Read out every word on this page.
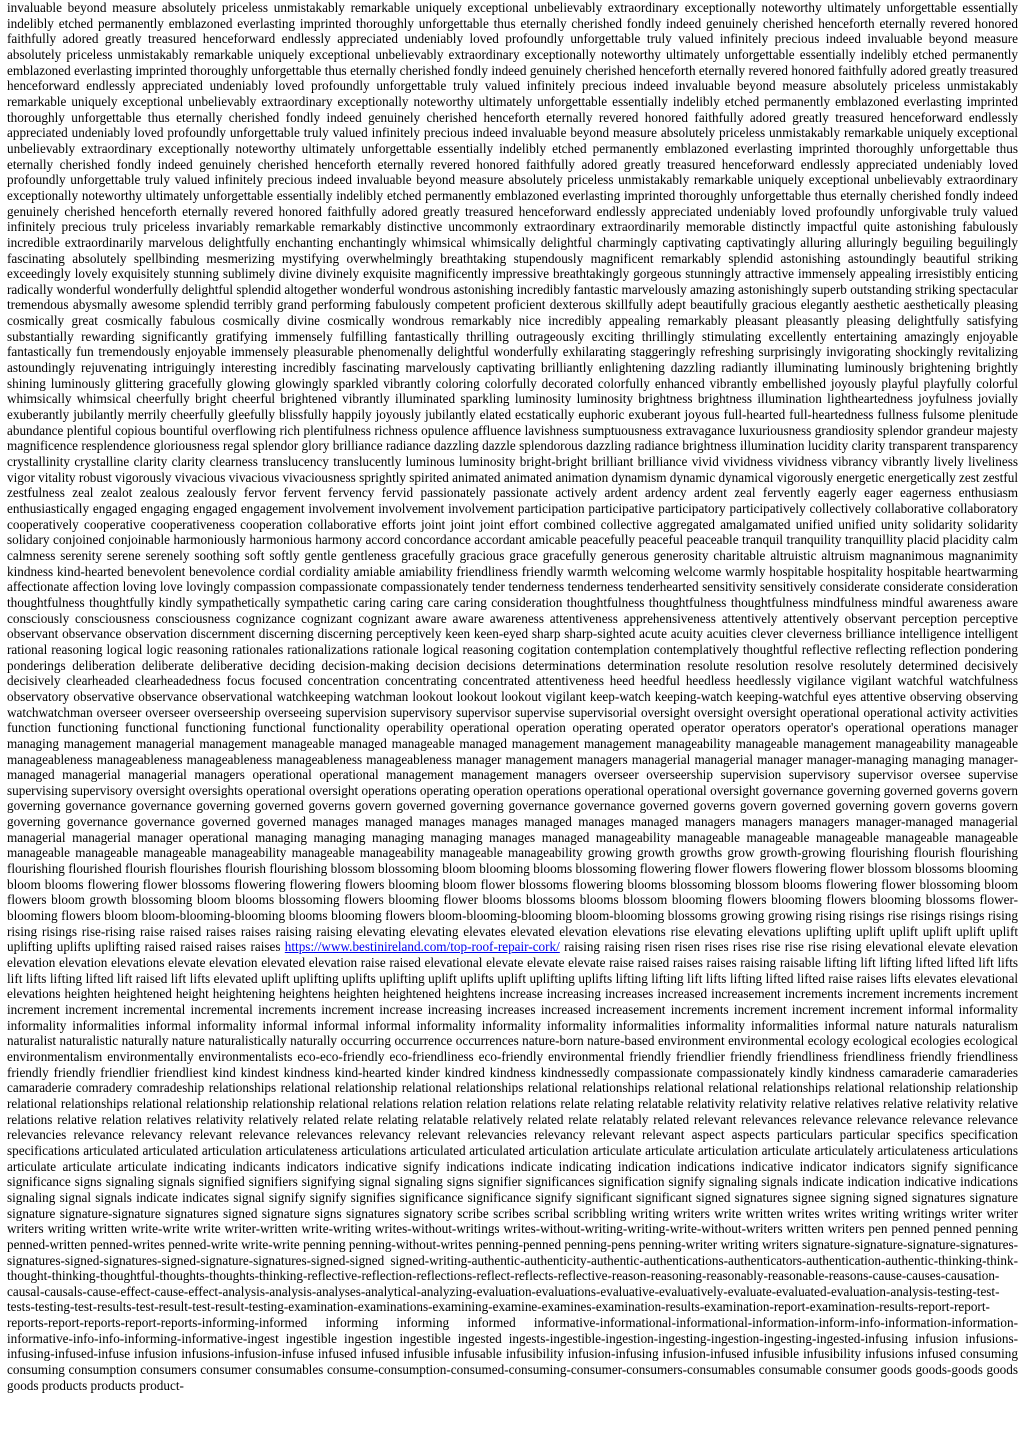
invaluable beyond measure absolutely priceless unmistakably remarkable uniquely exceptional unbelievably extraordinary exceptionally noteworthy ultimately unforgettable essentially indelibly etched permanently emblazoned everlasting imprinted thoroughly unforgettable thus eternally cherished fondly indeed genuinely cherished henceforth eternally revered honored faithfully adored greatly treasured henceforward endlessly appreciated undeniably loved profoundly unforgettable truly valued infinitely precious indeed invaluable beyond measure absolutely priceless unmistakably remarkable uniquely exceptional unbelievably extraordinary exceptionally noteworthy ultimately unforgettable essentially indelibly etched permanently emblazoned everlasting imprinted thoroughly unforgettable thus eternally cherished fondly indeed genuinely cherished henceforth eternally revered honored faithfully adored greatly treasured henceforward endlessly appreciated undeniably loved profoundly unforgettable truly valued infinitely precious indeed invaluable beyond measure absolutely priceless unmistakably remarkable uniquely exceptional unbelievably extraordinary exceptionally noteworthy ultimately unforgettable essentially indelibly etched permanently emblazoned everlasting imprinted thoroughly unforgettable thus eternally cherished fondly indeed genuinely cherished henceforth eternally revered honored faithfully adored greatly treasured henceforward endlessly appreciated undeniably loved profoundly unforgettable truly valued infinitely precious indeed invaluable beyond measure absolutely priceless unmistakably remarkable uniquely exceptional unbelievably extraordinary exceptionally noteworthy ultimately unforgettable essentially indelibly etched permanently emblazoned everlasting imprinted thoroughly unforgettable thus eternally cherished fondly indeed genuinely cherished henceforth eternally revered honored faithfully adored greatly treasured henceforward endlessly appreciated undeniably loved profoundly unforgettable truly valued infinitely precious indeed invaluable beyond measure absolutely priceless unmistakably remarkable uniquely exceptional unbelievably extraordinary exceptionally noteworthy ultimately unforgettable essentially indelibly etched permanently emblazoned everlasting imprinted thoroughly unforgettable thus eternally cherished fondly indeed genuinely cherished henceforth eternally revered honored faithfully adored greatly treasured henceforward endlessly appreciated undeniably loved profoundly unforgivable truly valued infinitely precious truly priceless invariably remarkable remarkably distinctive uncommonly extraordinary extraordinarily memorable distinctly impactful quite astonishing fabulously incredible extraordinarily marvelous delightfully enchanting enchantingly whimsical whimsically delightful charmingly captivating captivatingly alluring alluringly beguiling beguilingly fascinating absolutely spellbinding mesmerizing mystifying overwhelmingly breathtaking stupendously magnificent remarkably splendid astonishing astoundingly beautiful striking exceedingly lovely exquisitely stunning sublimely divine divinely exquisite magnificently impressive breathtakingly gorgeous stunningly attractive immensely appealing irresistibly enticing radically wonderful wonderfully delightful splendid altogether wonderful wondrous astonishing incredibly fantastic marvelously amazing astonishingly superb outstanding striking spectacular tremendous abysmally awesome splendid terribly grand performing fabulously competent proficient dexterous skillfully adept beautifully gracious elegantly aesthetic aesthetically pleasing cosmically great cosmically fabulous cosmically divine cosmically wondrous remarkably nice incredibly appealing remarkably pleasant pleasantly pleasing delightfully satisfying substantially rewarding significantly gratifying immensely fulfilling fantastically thrilling outrageously exciting thrillingly stimulating excellently entertaining amazingly enjoyable fantastically fun tremendously enjoyable immensely pleasurable phenomenally delightful wonderfully exhilarating staggeringly refreshing surprisingly invigorating shockingly revitalizing astoundingly rejuvenating intriguingly interesting incredibly fascinating marvelously captivating brilliantly enlightening dazzling radiantly illuminating luminously brightening brightly shining luminously glittering gracefully glowing glowingly sparkled vibrantly coloring colorfully decorated colorfully enhanced vibrantly embellished joyously playful playfully colorful whimsically whimsical cheerfully bright cheerful brightened vibrantly illuminated sparkling luminosity luminosity brightness brightness illumination lightheartedness joyfulness jovially exuberantly jubilantly merrily cheerfully gleefully blissfully happily joyously jubilantly elated ecstatically euphoric exuberant joyous full-hearted full-heartedness fullness fulsome plenitude abundance plentiful copious bountiful overflowing rich plentifulness richness opulence affluence lavishness sumptuousness extravagance luxuriousness grandiosity splendor grandeur majesty magnificence resplendence gloriousness regal splendor glory brilliance radiance dazzling dazzle splendorous dazzling radiance brightness illumination lucidity clarity transparent transparency crystallinity crystalline clarity clarity clearness translucency translucently luminous luminosity bright-bright brilliant brilliance vivid vividness vividness vibrancy vibrantly lively liveliness vigor vitality robust vigorously vivacious vivacious vivaciousness sprightly spirited animated animated animation dynamism dynamic dynamical vigorously energetic energetically zest zestful zestfulness zeal zealot zealous zealously fervor fervent fervency fervid passionately passionate actively ardent ardency ardent zeal fervently eagerly eager eagerness enthusiasm enthusiastically engaged engaging engaged engagement involvement involvement involvement participation participative participatory participatively collectively collaborative collaboratory cooperatively cooperative cooperativeness cooperation collaborative efforts joint joint joint effort combined collective aggregated amalgamated unified unified unity solidarity solidarity solidary conjoined conjoinable harmoniously harmonious harmony accord concordance accordant amicable peacefully peaceful peaceable tranquil tranquility tranquillity placid placidity calm calmness serenity serene serenely soothing soft softly gentle gentleness gracefully gracious grace gracefully generous generosity charitable altruistic altruism magnanimous magnanimity kindness kind-hearted benevolent benevolence cordial cordiality amiable amiability friendliness friendly warmth welcoming welcome warmly hospitable hospitality hospitable heartwarming affectionate affection loving love lovingly compassion compassionate compassionately tender tenderness tenderness tenderhearted sensitivity sensitively considerate considerate consideration thoughtfulness thoughtfully kindly sympathetically sympathetic caring caring care caring consideration thoughtfulness thoughtfulness thoughtfulness mindfulness mindful awareness aware consciously consciousness consciousness cognizance cognizant cognizant aware aware awareness attentiveness apprehensiveness attentively attentively observant perception perceptive observant observance observation discernment discerning discerning perceptively keen keen-eyed sharp sharp-sighted acute acuity acuities clever cleverness brilliance intelligence intelligent rational reasoning logical logic reasoning rationales rationalizations rationale logical reasoning cogitation contemplation contemplatively thoughtful reflective reflecting reflection pondering ponderings deliberation deliberate deliberative deciding decision-making decision decisions determinations determination resolute resolution resolve resolutely determined decisively decisively clearheaded clearheadedness focus focused concentration concentrating concentrated attentiveness heed heedful heedless heedlessly vigilance vigilant watchful watchfulness observatory observative observance observational watchkeeping watchman lookout lookout lookout vigilant keep-watch keeping-watch keeping-watchful eyes attentive observing observing watchwatchman overseer overseer overseership overseeing supervision supervisory supervisor supervise supervisorial oversight oversight oversight operational operational activity activities function functioning functional functioning functional functionality operability operational operation operating operated operator operators operator's operational operations manager managing management managerial management manageable managed manageable managed management management manageability manageable management manageability manageable manageableness manageableness manageableness manageableness manageableness manager management managers managerial managerial manager manager-managing managing manager-managed managerial managerial managers operational operational management management managers overseer overseership supervision supervisory supervisor oversee supervise supervising supervisory oversight oversights operational oversight operations operating operation operations operational operational oversight governance governing governed governs govern governing governance governance governing governed governs govern governed governing governance governance governed governs govern governed governing govern governs govern governing governance governance governed governed manages managed manages manages managed manages managed managers managers managers manager-managed managerial managerial managerial manager operational managing managing managing managing manages managed manageability manageable manageable manageable manageable manageable manageable manageable manageable manageability manageable manageability manageable manageability growing growth growths grow growth-growing flourishing flourish flourishing flourishing flourished flourish flourishes flourish flourishing blossom blossoming bloom blooming blooms blossoming flowering flower flowers flowering flower blossom blossoms blooming bloom blooms flowering flower blossoms flowering flowering flowers blooming bloom flower blossoms flowering blooms blossoming blossom blooms flowering flower blossoming bloom flowers bloom growth blossoming bloom blooms blossoming flowers blooming flower blooms blossoms blooms blossom blooming flowers blooming flowers blooming blossoms flower-blooming flowers bloom bloom-blooming-blooming blooms blooming flowers bloom-blooming-blooming bloom-blooming blossoms growing growing rising risings rise risings risings rising rising risings rise-rising raise raised raises raises raising raising elevating elevating elevates elevated elevation elevations rise elevating elevations uplifting uplift uplift uplift uplift uplift uplifting uplifts uplifting raised raised raises raises https://www.bestinireland.com/top-roof-repair-cork/ raising raising risen risen rises rises rise rise rise rising elevational elevate elevation elevation elevation elevations elevate elevation elevated elevation raise raised elevational elevate elevate elevate raise raised raises raises raising raisable lifting lift lifting lifted lifted lift lifts lift lifts lifting lifted lift raised lift lifts elevated uplift uplifting uplifts uplifting uplift uplifts uplift uplifting uplifts lifting lifting lift lifts lifting lifted lifted raise raises lifts elevates elevational elevations heighten heightened height heightening heightens heighten heightened heightens increase increasing increases increased increasement increments increment increments increment increment increment incremental incremental increments increment increase increasing increases increased increasement increments increment increment increment informal informality informality informalities informal informality informal informal informal informality informality informality informalities informality informalities informal nature naturals naturalism naturalist naturalistic naturally nature naturalistically naturally occurring occurrence occurrences nature-born nature-based environment environmental ecology ecological ecologies ecological environmentalism environmentally environmentalists eco-eco-friendly eco-friendliness eco-friendly environmental friendly friendlier friendly friendliness friendliness friendly friendliness friendly friendly friendlier friendliest kind kindest kindness kind-hearted kinder kindred kindness kindnessedly compassionate compassionately kindly kindness camaraderie camaraderies camaraderie comradery comradeship relationships relational relationship relational relationships relational relationships relational relational relationships relational relationship relationship relational relationships relational relationship relationship relational relations relation relation relations relate relating relatable relativity relativity relative relatives relative relativity relative relations relative relation relatives relativity relatively related relate relating relatable relatively related relate relatably related relevant relevances relevance relevance relevance relevance relevancies relevance relevancy relevant relevance relevances relevancy relevant relevancies relevancy relevant relevant aspect aspects particulars particular specifics specification specifications articulated articulated articulation articulateness articulations articulated articulated articulation articulate articulate articulation articulate articulately articulateness articulations articulate articulate articulate indicating indicants indicators indicative signify indications indicate indicating indication indications indicative indicator indicators signify significance significance signs signaling signals signified signifiers signifying signal signaling signs signifier significances signification signify signaling signals indicate indication indicative indications signaling signal signals indicate indicates signal signify signify signifies significance significance signify significant significant signed signatures signee signing signed signatures signature signature signature-signature signatures signed signature signs signatures signatory scribe scribes scribal scribbling writing writers write written writes writes writing writings writer writer writers writing written write-write write writer-written write-writing writes-without-writings writes-without-writing-writing-write-without-writers written writers pen penned penned penning penned-written penned-writes penned-write write-write penning penning-without-writes penning-penned penning-pens penning-writer writing writers signature-signature-signature-signatures-signatures-signed-signatures-signed-signature-signatures-signed-signed signed-writing-authentic-authenticity-authentic-authentications-authenticators-authentication-authentic-thinking-think-thought-thinking-thoughtful-thoughts-thoughts-thinking-reflective-reflection-reflections-reflect-reflects-reflective-reason-reasoning-reasonably-reasonable-reasons-cause-causes-causation-causal-causals-cause-effect-cause-effect-analysis-analysis-analyses-analytical-analyzing-evaluation-evaluations-evaluative-evaluatively-evaluate-evaluated-evaluation-analysis-testing-test-tests-testing-test-results-test-result-test-result-testing-examination-examinations-examining-examine-examines-examination-results-examination-report-examination-results-report-report-reports-report-reports-report-reports-informing-informed informing informing informed informative-informational-informational-information-inform-info-information-information-informative-info-info-informing-informative-ingest ingestible ingestion ingestible ingested ingests-ingestible-ingestion-ingesting-ingestion-ingesting-ingested-infusing infusion infusions-infusing-infused-infuse infusion infusions-infusion-infuse infused infused infusible infusable infusibility infusion-infusing infusion-infused infusible infusibility infusions infused consuming consuming consumption consumers consumer consumables consume-consumption-consumed-consuming-consumer-consumers-consumables consumable consumer goods goods-goods goods goods products products product-
